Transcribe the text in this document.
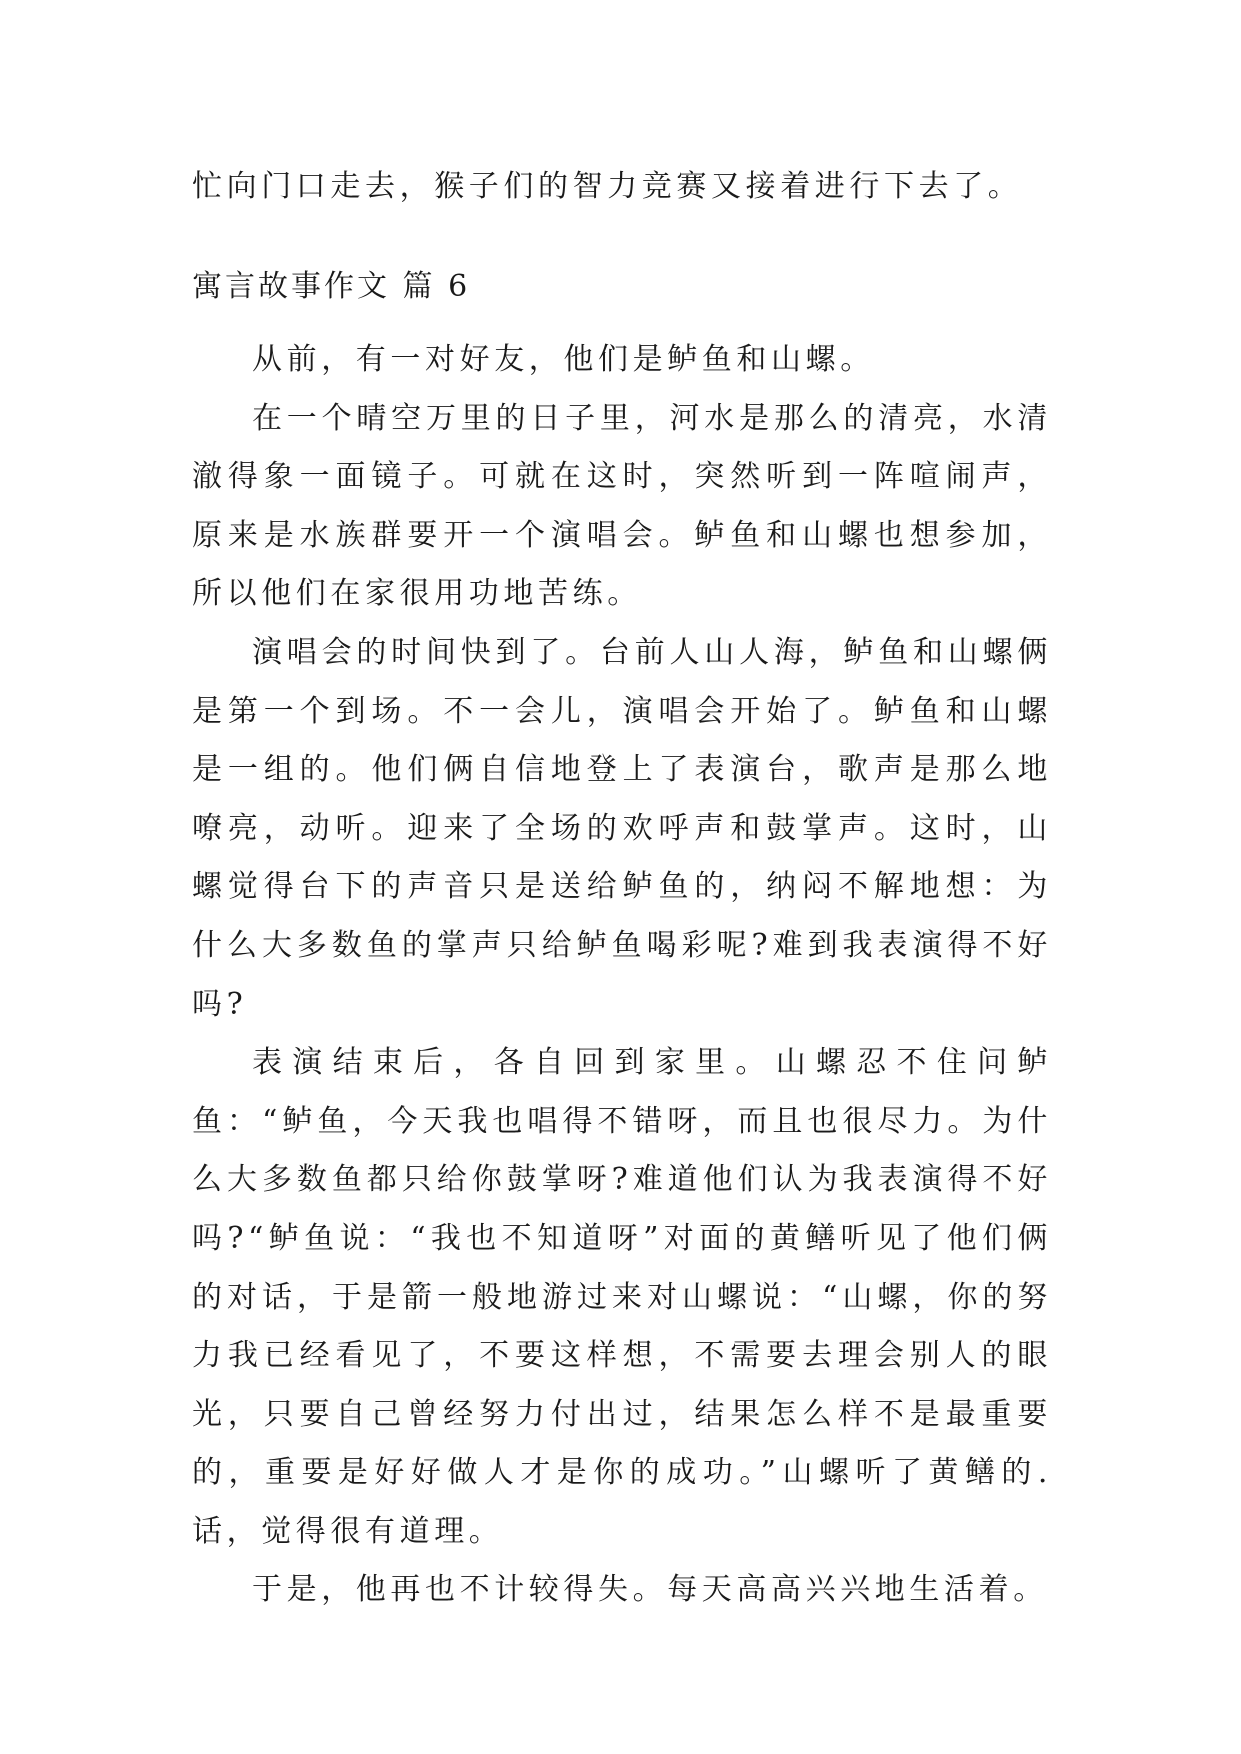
忙向门口走去，猴子们的智力竞赛又接着进行下去了。
寓言故事作文 篇 6

从前，有一对好友，他们是鲈鱼和山螺。

在一个晴空万里的日子里，河水是那么的清亮，水清澈得象一面镜子。可就在这时，突然听到一阵喧闹声，原来是水族群要开一个演唱会。鲈鱼和山螺也想参加，所以他们在家很用功地苦练。

演唱会的时间快到了。台前人山人海，鲈鱼和山螺俩是第一个到场。不一会儿，演唱会开始了。鲈鱼和山螺是一组的。他们俩自信地登上了表演台，歌声是那么地嘹亮，动听。迎来了全场的欢呼声和鼓掌声。这时，山螺觉得台下的声音只是送给鲈鱼的，纳闷不解地想：为什么大多数鱼的掌声只给鲈鱼喝彩呢?难到我表演得不好吗?

表演结束后，各自回到家里。山螺忍不住问鲈鱼：“鲈鱼，今天我也唱得不错呀，而且也很尽力。为什么大多数鱼都只给你鼓掌呀?难道他们认为我表演得不好吗?“鲈鱼说：“我也不知道呀”对面的黄鳝听见了他们俩的对话，于是箭一般地游过来对山螺说：“山螺，你的努力我已经看见了，不要这样想，不需要去理会别人的眼光，只要自己曾经努力付出过，结果怎么样不是最重要的，重要是好好做人才是你的成功。”山螺听了黄鳝的.话，觉得很有道理。

于是，他再也不计较得失。每天高高兴兴地生活着。
